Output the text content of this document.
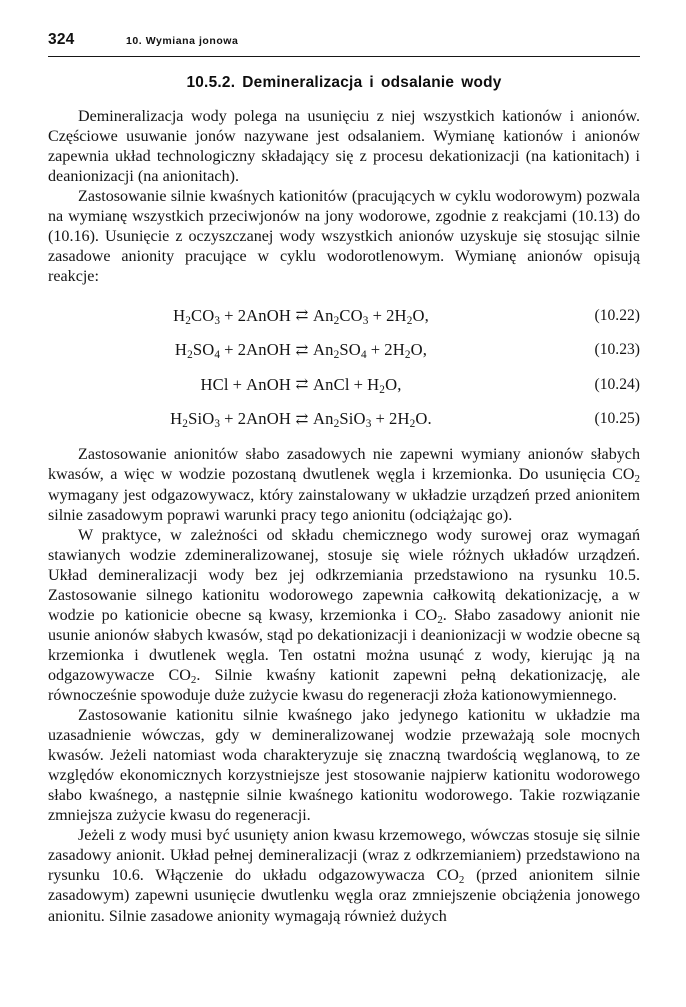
324	10. Wymiana jonowa
10.5.2. Demineralizacja i odsalanie wody

Demineralizacja wody polega na usunięciu z niej wszystkich kationów i anionów. Częściowe usuwanie jonów nazywane jest odsalaniem. Wymianę kationów i anionów zapewnia układ technologiczny składający się z procesu dekationizacji (na kationitach) i deanionizacji (na anionitach).

Zastosowanie silnie kwaśnych kationitów (pracujących w cyklu wodorowym) pozwala na wymianę wszystkich przeciwjonów na jony wodorowe, zgodnie z reakcjami (10.13) do (10.16). Usunięcie z oczyszczanej wody wszystkich anionów uzyskuje się stosując silnie zasadowe anionity pracujące w cyklu wodorotlenowym. Wymianę anionów opisują reakcje:

$H_2CO_3$ + 2AnOH ⇄ $An_2CO_3 + 2H_2O$,	(10.22)
$H_2SO_4$ + 2AnOH ⇄ $An_2SO_4 + 2H_2O$,	(10.23)
HCl + AnOH ⇄ AnCl + $H_2O$,	(10.24)
$H_2SiO_3$ + 2AnOH ⇄ $An_2SiO_3 + 2H_2O$.	(10.25)

Zastosowanie anionitów słabo zasadowych nie zapewni wymiany anionów słabych kwasów, a więc w wodzie pozostaną dwutlenek węgla i krzemionka. Do usunięcia $CO_2$ wymagany jest odgazowywacz, który zainstalowany w układzie urządzeń przed anionitem silnie zasadowym poprawi warunki pracy tego anionitu (odciążając go).

W praktyce, w zależności od składu chemicznego wody surowej oraz wymagań stawianych wodzie zdemineralizowanej, stosuje się wiele różnych układów urządzeń. Układ demineralizacji wody bez jej odkrzemiania przedstawiono na rysunku 10.5. Zastosowanie silnego kationitu wodorowego zapewnia całkowitą dekationizację, a w wodzie po kationicie obecne są kwasy, krzemionka i $CO_2$. Słabo zasadowy anionit nie usunie anionów słabych kwasów, stąd po dekationizacji i deanionizacji w wodzie obecne są krzemionka i dwutlenek węgla. Ten ostatni można usunąć z wody, kierując ją na odgazowywacze $CO_2$. Silnie kwaśny kationit zapewni pełną dekationizację, ale równocześnie spowoduje duże zużycie kwasu do regeneracji złoża kationowymiennego.

Zastosowanie kationitu silnie kwaśnego jako jedynego kationitu w układzie ma uzasadnienie wówczas, gdy w demineralizowanej wodzie przeważają sole mocnych kwasów. Jeżeli natomiast woda charakteryzuje się znaczną twardością węglanową, to ze względów ekonomicznych korzystniejsze jest stosowanie najpierw kationitu wodorowego słabo kwaśnego, a następnie silnie kwaśnego kationitu wodorowego. Takie rozwiązanie zmniejsza zużycie kwasu do regeneracji.

Jeżeli z wody musi być usunięty anion kwasu krzemowego, wówczas stosuje się silnie zasadowy anionit. Układ pełnej demineralizacji (wraz z odkrzemianiem) przedstawiono na rysunku 10.6. Włączenie do układu odgazowywacza $CO_2$ (przed anionitem silnie zasadowym) zapewni usunięcie dwutlenku węgla oraz zmniejszenie obciążenia jonowego anionitu. Silnie zasadowe anionity wymagają również dużych
